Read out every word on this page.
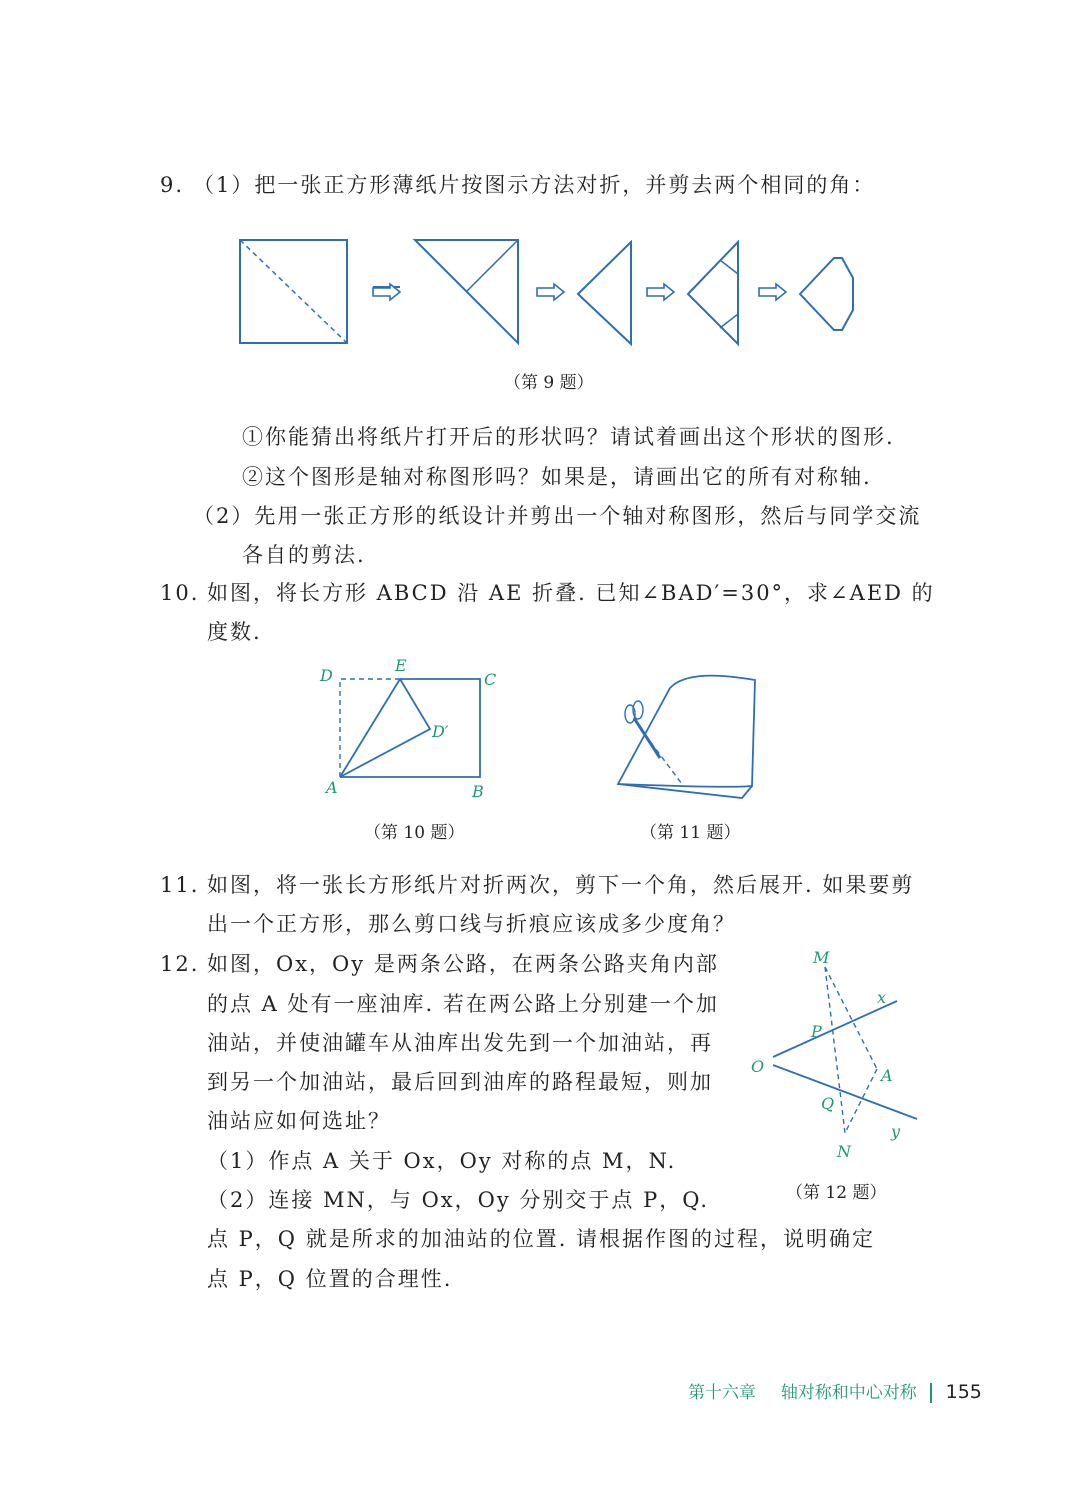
9. （1）把一张正方形薄纸片按图示方法对折，并剪去两个相同的角：
（第 9 题）
①你能猜出将纸片打开后的形状吗？请试着画出这个形状的图形.
②这个图形是轴对称图形吗？如果是，请画出它的所有对称轴.
（2）先用一张正方形的纸设计并剪出一个轴对称图形，然后与同学交流
各自的剪法.
10. 如图，将长方形 ABCD 沿 AE 折叠. 已知∠BAD′=30°，求∠AED 的
度数.
D
E
C
D′
A	B
（第 10 题）	（第 11 题）
11. 如图，将一张长方形纸片对折两次，剪下一个角，然后展开. 如果要剪
出一个正方形，那么剪口线与折痕应该成多少度角？
12. 如图，Ox，Oy 是两条公路，在两条公路夹角内部
的点 A 处有一座油库. 若在两公路上分别建一个加
油站，并使油罐车从油库出发先到一个加油站，再
到另一个加油站，最后回到油库的路程最短，则加
油站应如何选址？
（1）作点 A 关于 Ox，Oy 对称的点 M，N.
（2）连接 MN，与 Ox，Oy 分别交于点 P，Q.
点 P，Q 就是所求的加油站的位置. 请根据作图的过程，说明确定
点 P，Q 位置的合理性.
M
x
P
O	A
Q
y
N
（第 12 题）
第十六章 轴对称和中心对称 155
